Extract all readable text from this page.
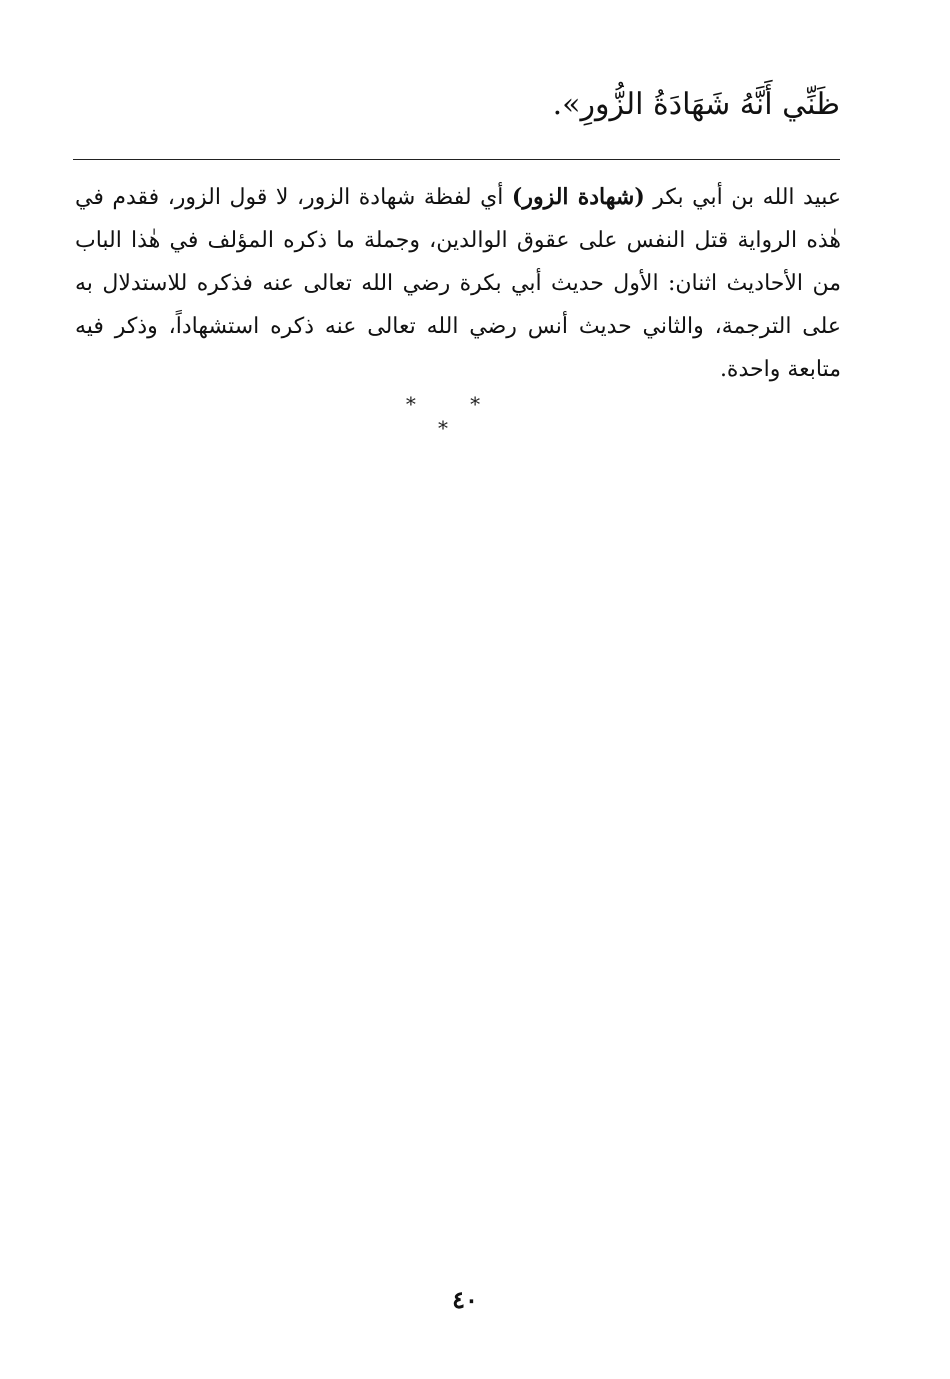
ظَنِّي أَنَّهُ شَهَادَةُ الزُّورِ».
عبيد الله بن أبي بكر (شهادة الزور) أي لفظة شهادة الزور، لا قول الزور، فقدم في هٰذه الرواية قتل النفس على عقوق الوالدين، وجملة ما ذكره المؤلف في هٰذا الباب من الأحاديث اثنان: الأول حديث أبي بكرة رضي الله تعالى عنه فذكره للاستدلال به على الترجمة، والثاني حديث أنس رضي الله تعالى عنه ذكره استشهاداً، وذكر فيه متابعة واحدة.
* * *
٤٠
